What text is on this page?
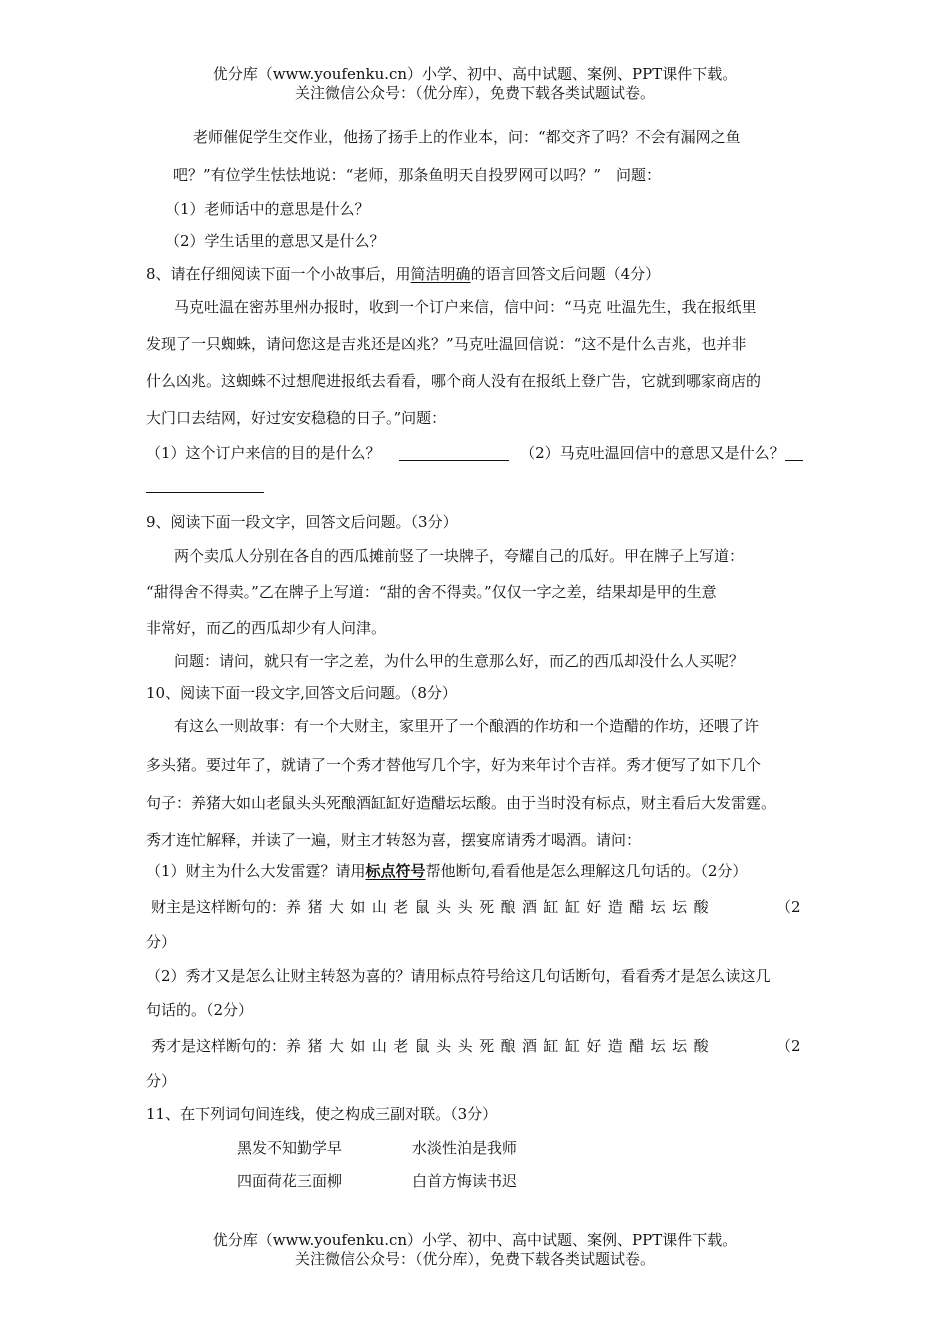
优分库（www.youfenku.cn）小学、初中、高中试题、案例、PPT课件下载。
关注微信公众号：（优分库），免费下载各类试题试卷。
老师催促学生交作业，他扬了扬手上的作业本，问：“都交齐了吗？不会有漏网之鱼
吧？”有位学生怯怯地说：“老师，那条鱼明天自投罗网可以吗？”　问题：
（1）老师话中的意思是什么？
（2）学生话里的意思又是什么？
8、请在仔细阅读下面一个小故事后，用简洁明确的语言回答文后问题（4分）
马克吐温在密苏里州办报时，收到一个订户来信，信中问：“马克 吐温先生，我在报纸里
发现了一只蜘蛛，请问您这是吉兆还是凶兆？”马克吐温回信说：“这不是什么吉兆，也并非
什么凶兆。这蜘蛛不过想爬进报纸去看看，哪个商人没有在报纸上登广告，它就到哪家商店的
大门口去结网，好过安安稳稳的日子。”问题：
（1）这个订户来信的目的是什么？	（2）马克吐温回信中的意思又是什么？
9、阅读下面一段文字，回答文后问题。（3分）
两个卖瓜人分别在各自的西瓜摊前竖了一块牌子，夸耀自己的瓜好。甲在牌子上写道：
“甜得舍不得卖。”乙在牌子上写道：“甜的舍不得卖。”仅仅一字之差，结果却是甲的生意
非常好，而乙的西瓜却少有人问津。
问题：请问，就只有一字之差，为什么甲的生意那么好，而乙的西瓜却没什么人买呢？
10、阅读下面一段文字,回答文后问题。（8分）
有这么一则故事：有一个大财主，家里开了一个酿酒的作坊和一个造醋的作坊，还喂了许
多头猪。要过年了，就请了一个秀才替他写几个字，好为来年讨个吉祥。秀才便写了如下几个
句子：养猪大如山老鼠头头死酿酒缸缸好造醋坛坛酸。由于当时没有标点，财主看后大发雷霆。
秀才连忙解释，并读了一遍，财主才转怒为喜，摆宴席请秀才喝酒。请问：
（1）财主为什么大发雷霆？请用标点符号帮他断句,看看他是怎么理解这几句话的。（2分）
财主是这样断句的：养猪大如山老鼠头头死酿酒缸缸好造醋坛坛酸	（2
分）
（2）秀才又是怎么让财主转怒为喜的？请用标点符号给这几句话断句，看看秀才是怎么读这几
句话的。（2分）
秀才是这样断句的：养猪大如山老鼠头头死酿酒缸缸好造醋坛坛酸	（2
分）
11、在下列词句间连线，使之构成三副对联。（3分）
黑发不知勤学早	水淡性泊是我师
四面荷花三面柳	白首方悔读书迟
优分库（www.youfenku.cn）小学、初中、高中试题、案例、PPT课件下载。
关注微信公众号：（优分库），免费下载各类试题试卷。
